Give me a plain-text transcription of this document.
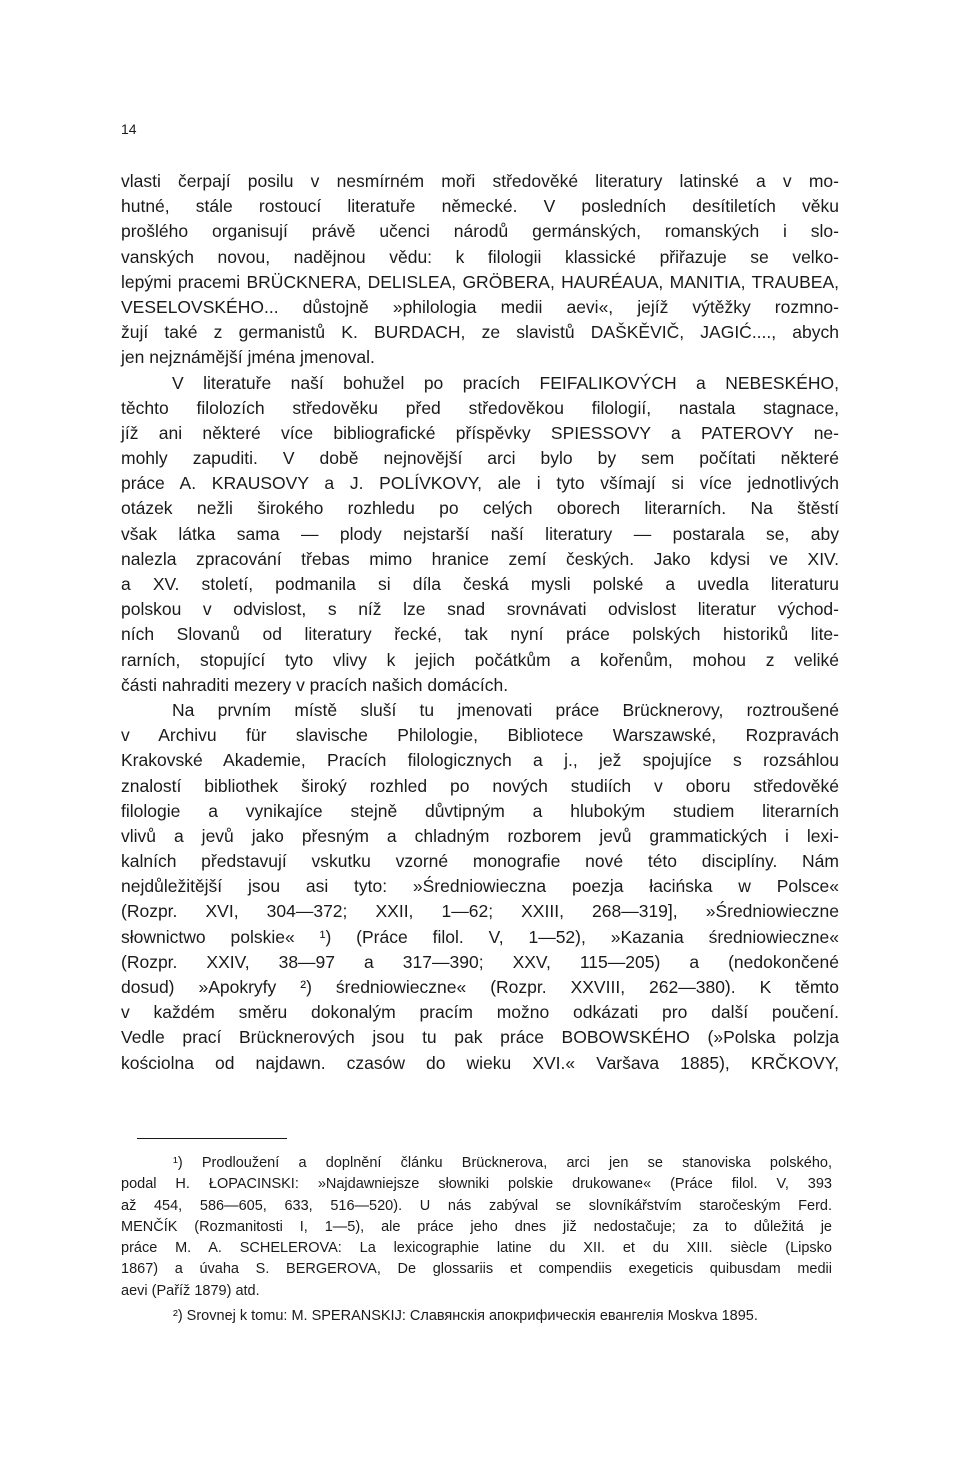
14
vlasti čerpají posilu v nesmírném moři středověké literatury latinské a v mo-
hutné, stále rostoucí literatuře německé. V posledních desítiletích věku
prošlého organisují právě učenci národů germánských, romanských i slo-
vanských novou, nadějnou vědu: k filologii klassické přiřazuje se velko-
lepými pracemi BRÜCKNERA, DELISLEA, GRÖBERA, HAURÉAUA, MANITIA, TRAUBEA,
VESELOVSKÉHO... důstojně »philologia medii aevi«, jejíž výtěžky rozmno-
žují také z germanistů K. BURDACH, ze slavistů DAŠKĚVIČ, JAGIĆ...., abych
jen nejznámější jména jmenoval.
V literatuře naší bohužel po pracích FEIFALIKOVÝCH a NEBESKÉHO,
těchto filolozích středověku před středověkou filologií, nastala stagnace,
jíž ani některé více bibliografické příspěvky SPIESSOVY a PATEROVY ne-
mohly zapuditi. V době nejnovější arci bylo by sem počítati některé
práce A. KRAUSOVY a J. POLÍVKOVY, ale i tyto všímají si více jednotlivých
otázek nežli širokého rozhledu po celých oborech literarních. Na štěstí
však látka sama — plody nejstarší naší literatury — postarala se, aby
nalezla zpracování třebas mimo hranice zemí českých. Jako kdysi ve XIV.
a XV. století, podmanila si díla česká mysli polské a uvedla literaturu
polskou v odvislost, s níž lze snad srovnávati odvislost literatur východ-
ních Slovanů od literatury řecké, tak nyní práce polských historiků lite-
rarních, stopující tyto vlivy k jejich počátkům a kořenům, mohou z veliké
části nahraditi mezery v pracích našich domácích.
Na prvním místě sluší tu jmenovati práce Brücknerovy, roztroušené
v Archivu für slavische Philologie, Bibliotece Warszawské, Rozpravách
Krakovské Akademie, Pracích filologicznych a j., jež spojujíce s rozsáhlou
znalostí bibliothek široký rozhled po nových studiích v oboru středověké
filologie a vynikajíce stejně důvtipným a hlubokým studiem literarních
vlivů a jevů jako přesným a chladným rozborem jevů grammatických i lexi-
kalních představují vskutku vzorné monografie nové této disciplíny. Nám
nejdůležitější jsou asi tyto: »Średniowieczna poezja łacińska w Polsce«
(Rozpr. XVI, 304—372; XXII, 1—62; XXIII, 268—319], »Średniowieczne
słownictwo polskie« ¹) (Práce filol. V, 1—52), »Kazania średniowieczne«
(Rozpr. XXIV, 38—97 a 317—390; XXV, 115—205) a (nedokončené
dosud) »Apokryfy ²) średniowieczne« (Rozpr. XXVIII, 262—380). K těmto
v každém směru dokonalým pracím možno odkázati pro další poučení.
Vedle prací Brücknerových jsou tu pak práce BOBOWSKÉHO (»Polska polzja
kościolna od najdawn. czasów do wieku XVI.« Varšava 1885), KRČKOVY,
¹) Prodloužení a doplnění článku Brücknerova, arci jen se stanoviska polského,
podal H. ŁOPACINSKI: »Najdawniejsze słowniki polskie drukowane« (Práce filol. V, 393
až 454, 586—605, 633, 516—520). U nás zabýval se slovníkářstvím staročeským Ferd.
MENČÍK (Rozmanitosti I, 1—5), ale práce jeho dnes již nedostačuje; za to důležitá je
práce M. A. SCHELEROVA: La lexicographie latine du XII. et du XIII. siècle (Lipsko
1867) a úvaha S. BERGEROVA, De glossariis et compendiis exegeticis quibusdam medii
aevi (Paříž 1879) atd.
²) Srovnej k tomu: M. SPERANSKIJ: Славянскія апокрифическія евангелія Moskva 1895.
